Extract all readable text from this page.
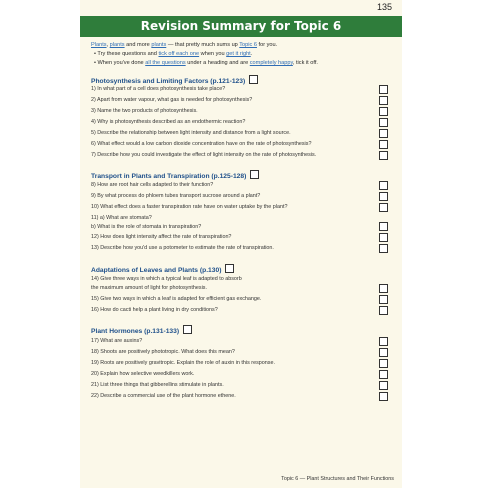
135
Revision Summary for Topic 6
Plants, plants and more plants — that pretty much sums up Topic 6 for you.
• Try these questions and tick off each one when you get it right.
• When you've done all the questions under a heading and are completely happy, tick it off.
Photosynthesis and Limiting Factors (p.121-123)
1) In what part of a cell does photosynthesis take place?
2) Apart from water vapour, what gas is needed for photosynthesis?
3) Name the two products of photosynthesis.
4) Why is photosynthesis described as an endothermic reaction?
5) Describe the relationship between light intensity and distance from a light source.
6) What effect would a low carbon dioxide concentration have on the rate of photosynthesis?
7) Describe how you could investigate the effect of light intensity on the rate of photosynthesis.
Transport in Plants and Transpiration (p.125-128)
8) How are root hair cells adapted to their function?
9) By what process do phloem tubes transport sucrose around a plant?
10) What effect does a faster transpiration rate have on water uptake by the plant?
11) a) What are stomata?
b) What is the role of stomata in transpiration?
12) How does light intensity affect the rate of transpiration?
13) Describe how you'd use a potometer to estimate the rate of transpiration.
Adaptations of Leaves and Plants (p.130)
14) Give three ways in which a typical leaf is adapted to absorb
the maximum amount of light for photosynthesis.
15) Give two ways in which a leaf is adapted for efficient gas exchange.
16) How do cacti help a plant living in dry conditions?
Plant Hormones (p.131-133)
17) What are auxins?
18) Shoots are positively phototropic. What does this mean?
19) Roots are positively gravitropic. Explain the role of auxin in this response.
20) Explain how selective weedkillers work.
21) List three things that gibberellins stimulate in plants.
22) Describe a commercial use of the plant hormone ethene.
Topic 6 — Plant Structures and Their Functions
